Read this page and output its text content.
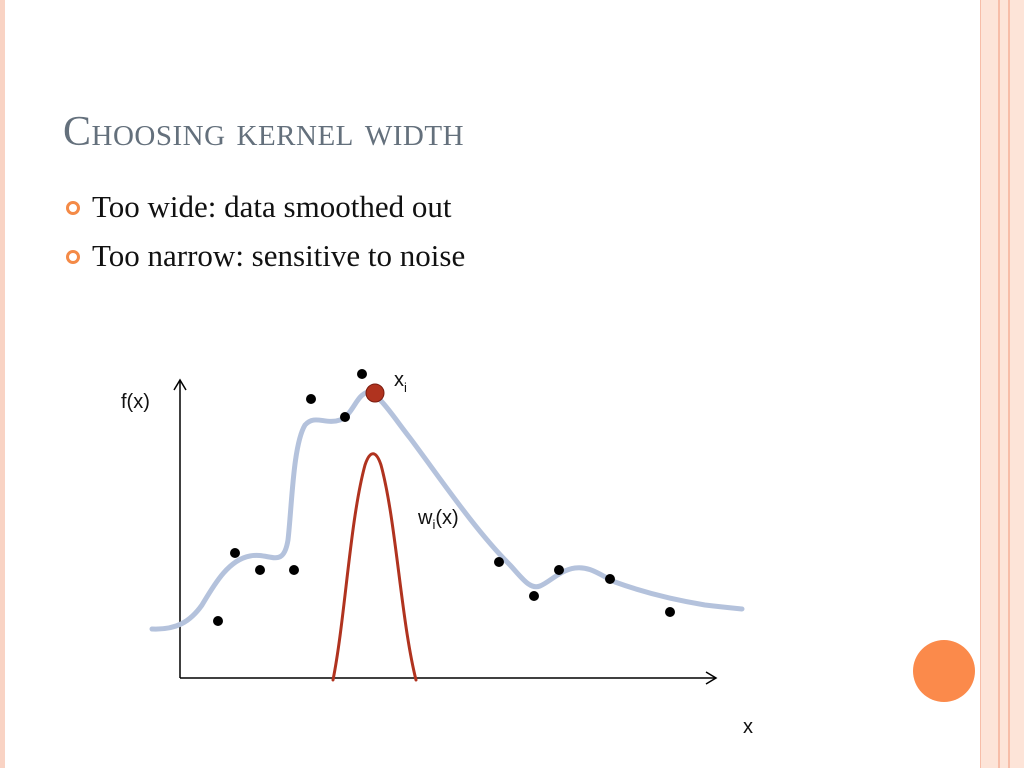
Choosing kernel width
Too wide: data smoothed out
Too narrow: sensitive to noise
f(x)
x
$x_i$
$w_i(x)$
